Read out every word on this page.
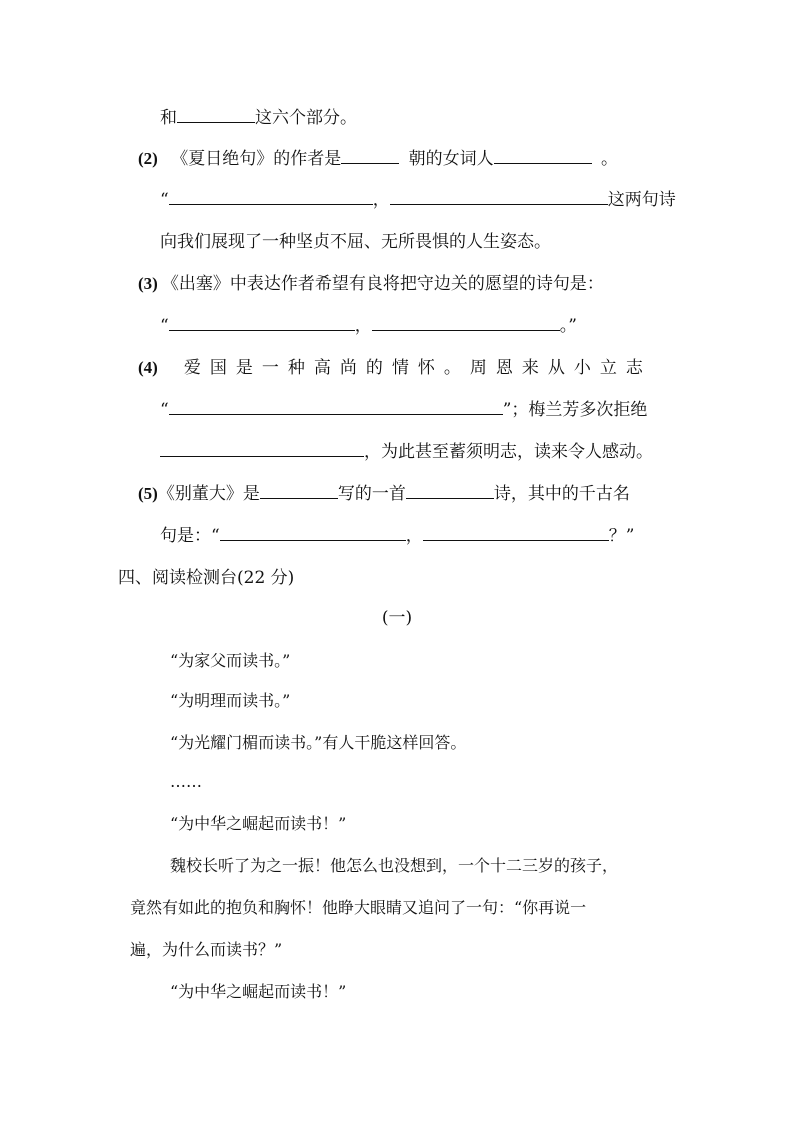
和	这六个部分。
(2) 《夏日绝句》的作者是	朝的女词人	。
“	，	这两句诗
向我们展现了一种坚贞不屈、无所畏惧的人生姿态。
(3) 《出塞》中表达作者希望有良将把守边关的愿望的诗句是：
“	，	。”
(4) 爱国是一种高尚的情怀。周恩来从小立志
“	”；梅兰芳多次拒绝
，为此甚至蓄须明志，读来令人感动。
(5)《别董大》是	写的一首	诗，其中的千古名
句是：“	，	？”
四、阅读检测台(22 分)
(一)
“为家父而读书。”
“为明理而读书。”
“为光耀门楣而读书。”有人干脆这样回答。
……
“为中华之崛起而读书！”
魏校长听了为之一振！他怎么也没想到，一个十二三岁的孩子，
竟然有如此的抱负和胸怀！他睁大眼睛又追问了一句：“你再说一
遍，为什么而读书？”
“为中华之崛起而读书！”
